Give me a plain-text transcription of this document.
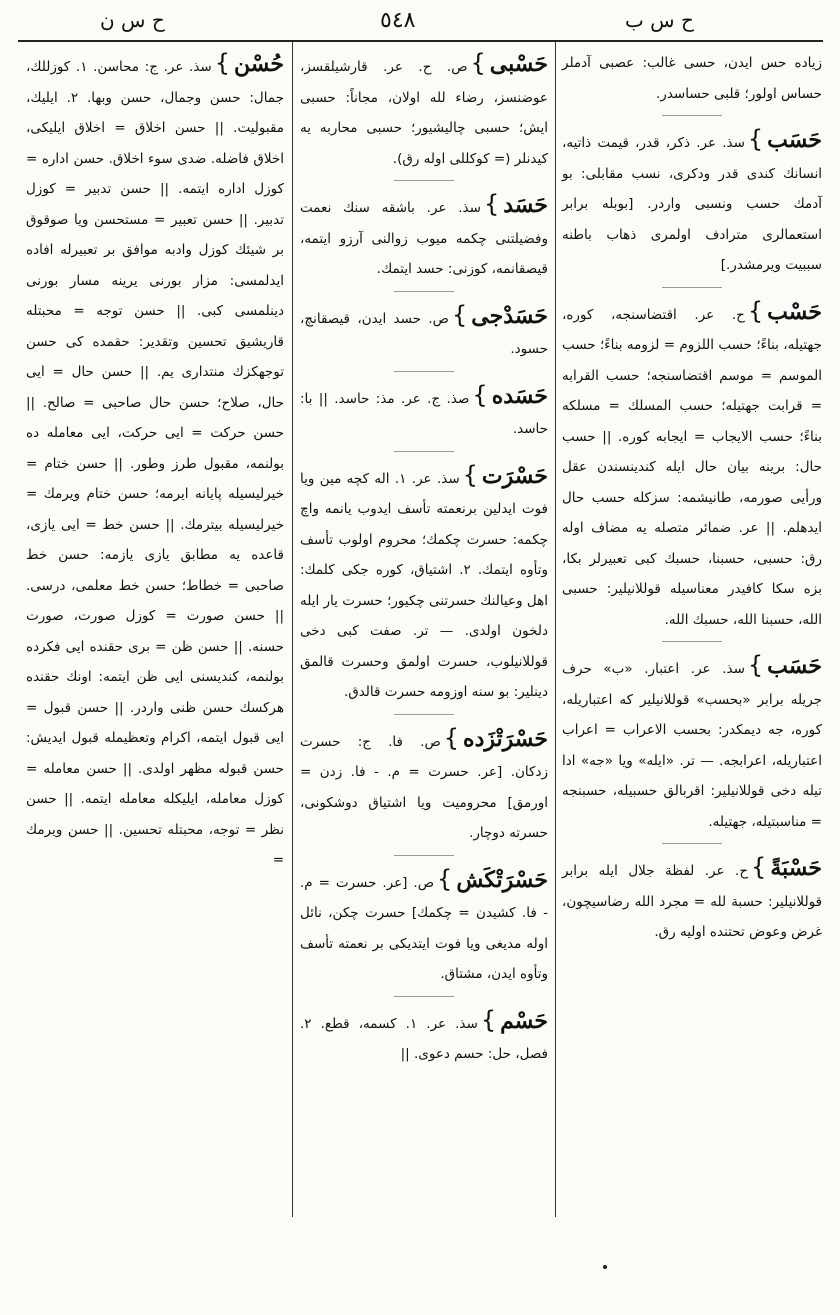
ح س ب
٥٤٨
ح س ن
زياده حس ايدن، حسى غالب: عصبى آدملر حساس اولور؛ قلبى حساسدر.
حَسَب}سذ. عر. ذكر، قدر، قيمت ذاتيه، انسانك كندى قدر ودكرى، نسب مقابلى: بو آدمك حسب ونسبى واردر. [بوبله برابر استعمالرى مترادف اولمرى ذهاب باطنه سببيت ويرمشدر.]
حَسْب}ح. عر. اقتضاسنجه، كوره، جهتيله، بناءً؛ حسب اللزوم = لزومه بناءً؛ حسب الموسم = موسم اقتضاسنجه؛ حسب القرابه = قرابت جهتيله؛ حسب المسلك = مسلكه بناءً؛ حسب الايجاب = ايجابه كوره. || حسب حال: برينه بيان حال ايله كندينسندن عقل ورأيى صورمه، طانيشمه: سزكله حسب حال ايدهلم. || عر. ضمائر متصله يه مضاف اوله رق: حسبى، حسبنا، حسبك كبى تعبيرلر بكا، بزه سكا كافيدر معناسيله قوللانيلير: حسبى الله، حسبنا الله، حسبك الله.
حَسَب}سذ. عر. اعتبار. «ب» حرف جريله برابر «بحسب» قوللانيلير كه اعتباريله، كوره، جه ديمكدر: بحسب الاعراب = اعراب اعتباريله، اعرابجه. — تر. «ايله» ويا «جه» ادا تيله دخى قوللانيلير: اقربالق حسبيله، حسبنجه = مناسبتيله، جهتيله.
حَسْبَةً}ح. عر. لفظة جلال ايله برابر قوللانيلير: حسبة لله = مجرد الله رضاسيچون، غرض وعوض تحتنده اوليه رق.
حَسْبى}ص. ح. عر. قارشيلقسز، عوضنسز، رضاء لله اولان، مجاناً: حسبى ايش؛ حسبى چاليشيور؛ حسبى محاربه يه كيدنلر (= كوكللى اوله رق).
حَسَد}سذ. عر. باشقه سنك نعمت وفضيلتنى چكمه ميوب زوالنى آرزو ايتمه، قيصقانمه، كوزنى: حسد ايتمك.
حَسَدْجى}ص. حسد ايدن، قيصقانچ، حسود.
حَسَده}صذ. ج. عر. مذ: حاسد. || با: حاسد.
حَسْرَت}سذ. عر. ١. اله كچه مين ويا فوت ايدلين برنعمته تأسف ايدوب يانمه واچ چكمه: حسرت چكمك؛ محروم اولوب تأسف وتأوه ايتمك. ٢. اشتياق، كوره جكى كلمك: اهل وعيالنك حسرتنى چكيور؛ حسرت يار ايله دلخون اولدى. — تر. صفت كبى دخى قوللانيلوب، حسرت اولمق وحسرت قالمق دينلير: بو سنه اوزومه حسرت قالدق.
حَسْرَتْزَده}ص. فا. ج: حسرت زدكان. [عر. حسرت = م. - فا. زدن = اورمق] محروميت ويا اشتياق دوشكونى، حسرته دوچار.
حَسْرَتْكَش}ص. [عر. حسرت = م. - فا. كشيدن = چكمك] حسرت چكن، نائل اوله مديغى ويا فوت ايتديكى بر نعمته تأسف وتأوه ايدن، مشتاق.
حَسْم}سذ. عر. ١. كسمه، قطع. ٢. فصل، حل: حسم دعوى. ||
حُسْن}سذ. عر. ج: محاسن. ١. كوزللك، جمال: حسن وجمال، حسن وبها. ٢. ايليك، مقبوليت. || حسن اخلاق = اخلاق ايليكى، اخلاق فاضله. ضدى سوء اخلاق. حسن اداره = كوزل اداره ايتمه. || حسن تدبير = كوزل تدبير. || حسن تعبير = مستحسن ويا صوقوق بر شيئك كوزل وادبه موافق بر تعبيرله افاده ايدلمسى: مزار بورنى يرينه مسار بورنى دينلمسى كبى. || حسن توجه = محبتله قاريشيق تحسين وتقدير: حقمده كى حسن توجهكزك منتدارى يم. || حسن حال = ايى حال، صلاح؛ حسن حال صاحبى = صالح. || حسن حركت = ايى حركت، ايى معامله ده بولنمه، مقبول طرز وطور. || حسن ختام = خيرليسيله پايانه ايرمه؛ حسن ختام ويرمك = خيرليسيله بيترمك. || حسن خط = ايى يازى، قاعده يه مطابق يازى يازمه: حسن خط صاحبى = خطاط؛ حسن خط معلمى، درسى. || حسن صورت = كوزل صورت، صورت حسنه. || حسن ظن = برى حقنده ايى فكرده بولنمه، كنديسنى ايى ظن ايتمه: اونك حقنده هركسك حسن ظنى واردر. || حسن قبول = ايى قبول ايتمه، اكرام وتعظيمله قبول ايديش: حسن قبوله مظهر اولدى. || حسن معامله = كوزل معامله، ايليكله معامله ايتمه. || حسن نظر = توجه، محبتله تحسين. || حسن ويرمك =
